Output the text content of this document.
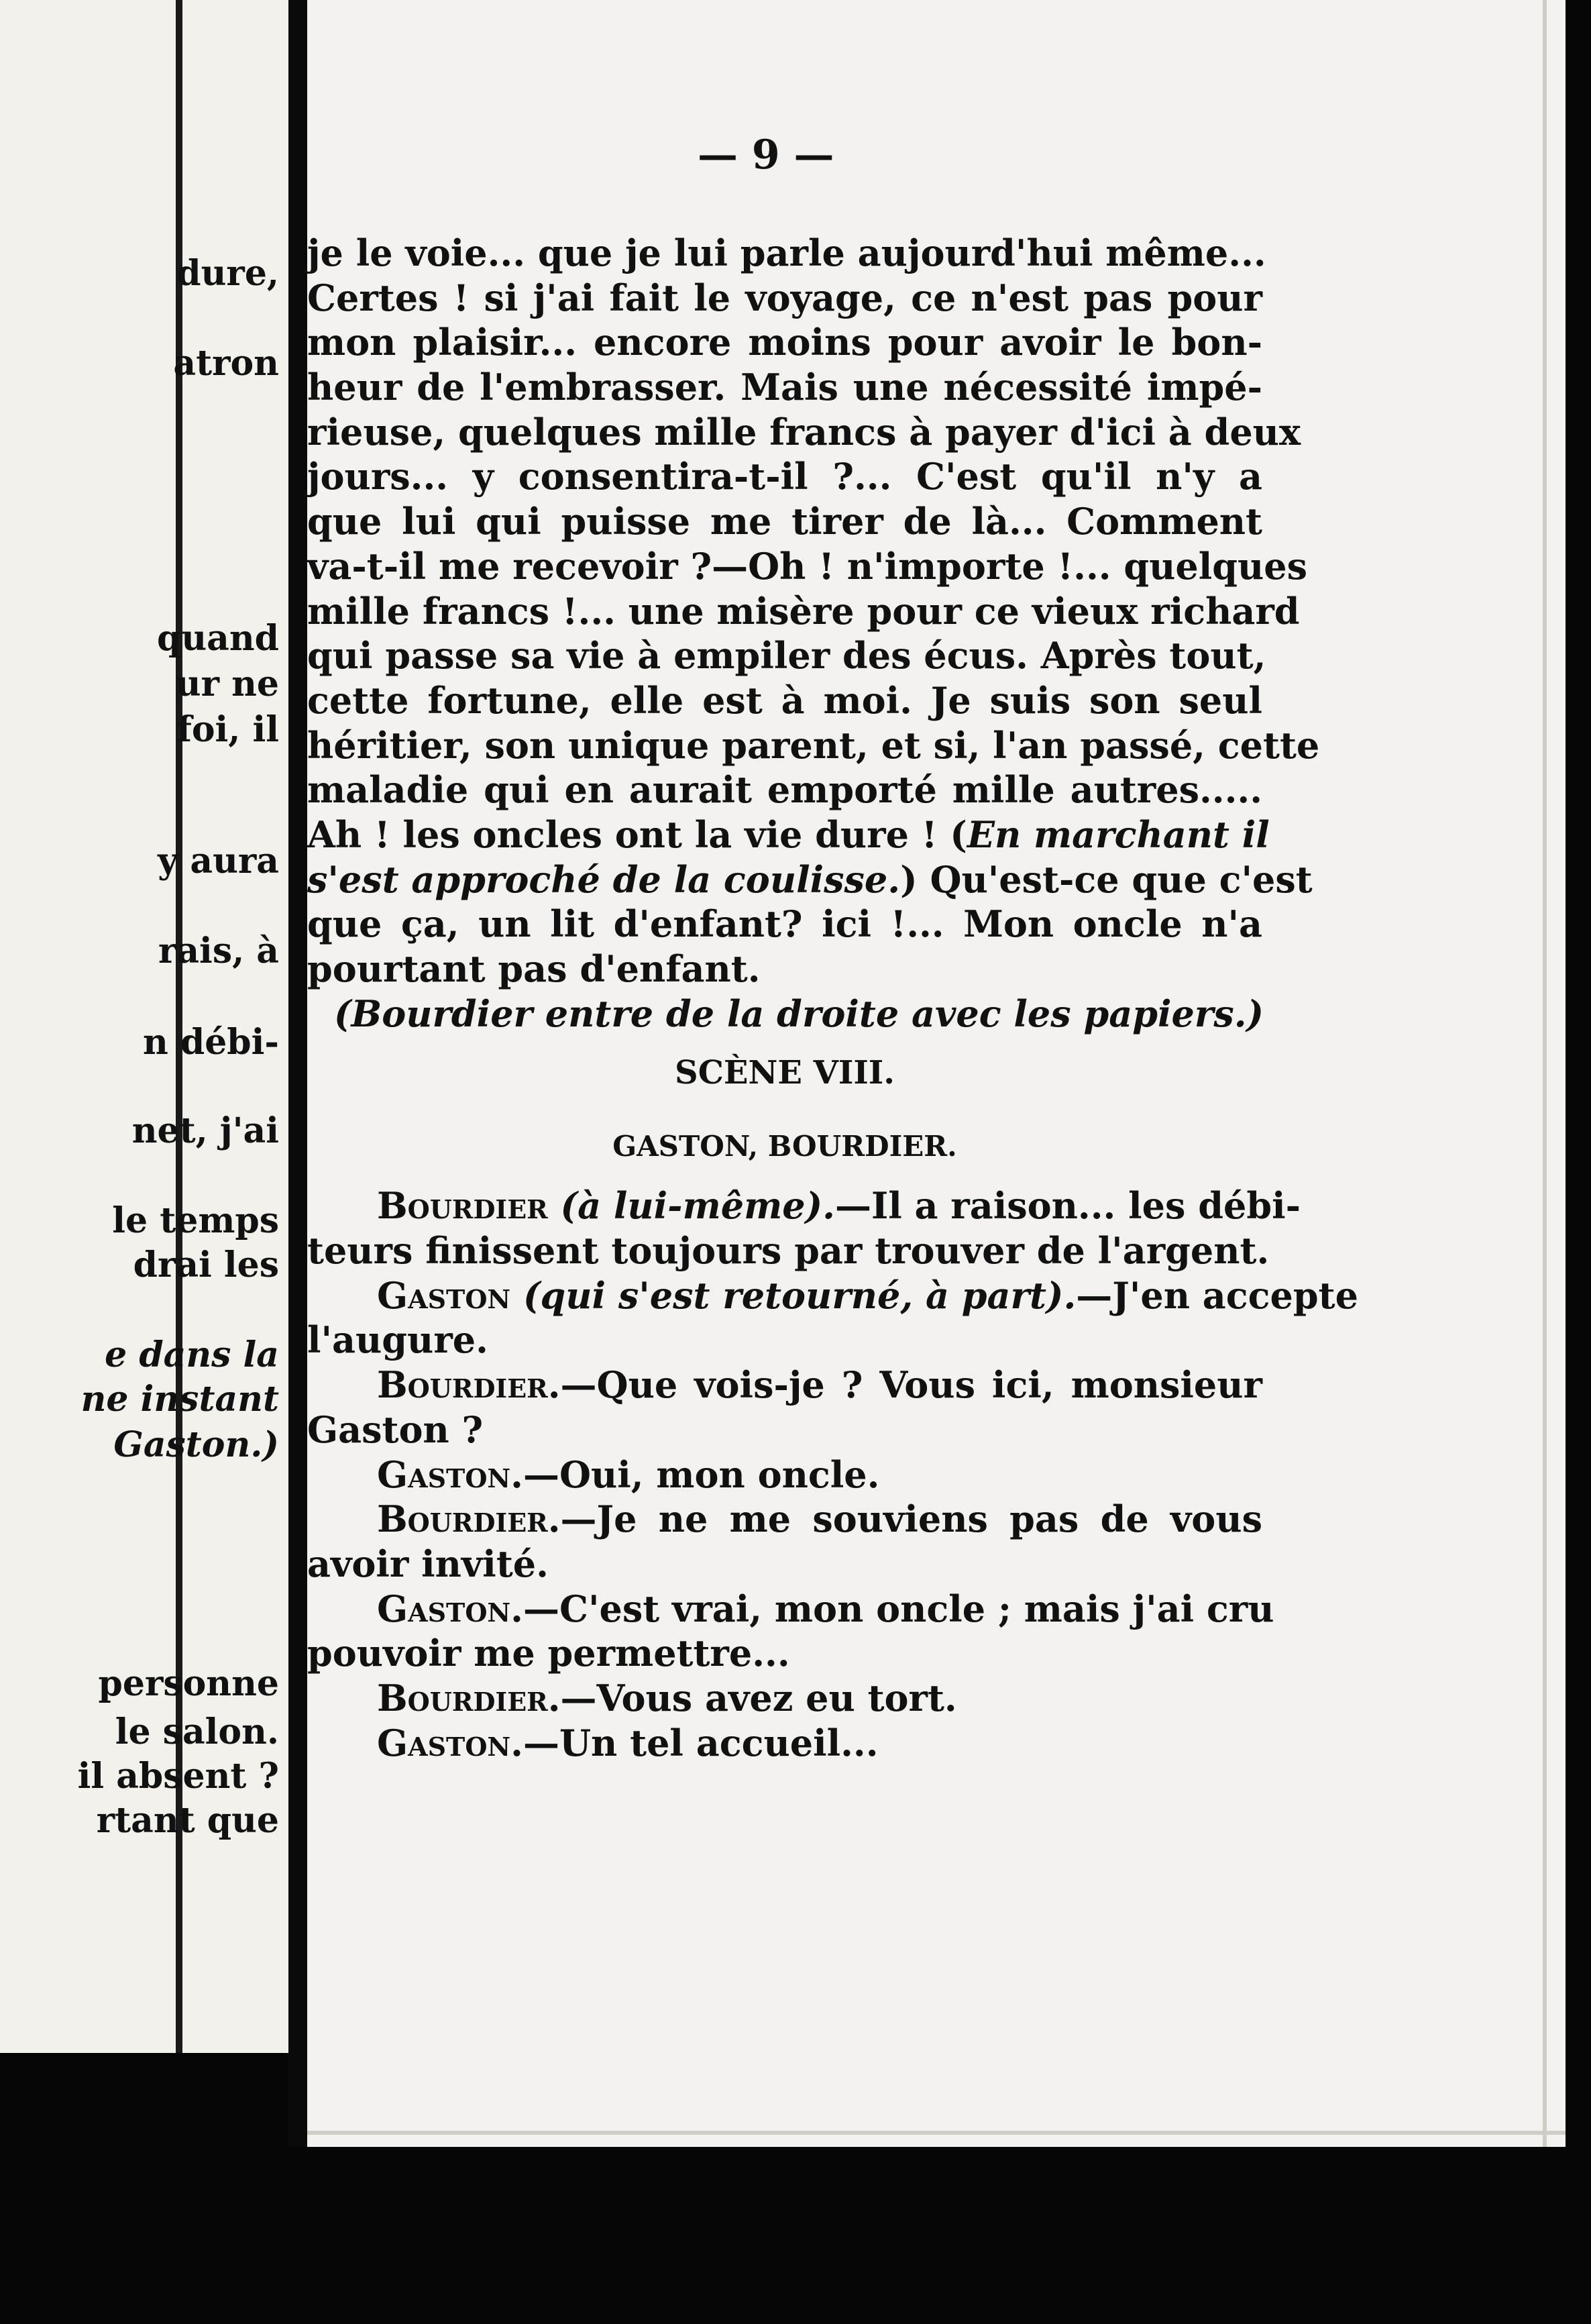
dure,
atron
quand
ur ne
foi, il
y aura
rais, à
n débi-
net, j'ai
le temps
drai les
e dans la
ne instant
Gaston.)
personne
le salon.
il absent ?
rtant que
— 9 —
je le voie... que je lui parle aujourd'hui même...
Certes ! si j'ai fait le voyage, ce n'est pas pour
mon plaisir... encore moins pour avoir le bon-
heur de l'embrasser. Mais une nécessité impé-
rieuse, quelques mille francs à payer d'ici à deux
jours... y consentira-t-il ?... C'est qu'il n'y a
que lui qui puisse me tirer de là... Comment
va-t-il me recevoir ?—Oh ! n'importe !... quelques
mille francs !... une misère pour ce vieux richard
qui passe sa vie à empiler des écus. Après tout,
cette fortune, elle est à moi. Je suis son seul
héritier, son unique parent, et si, l'an passé, cette
maladie qui en aurait emporté mille autres.....
Ah ! les oncles ont la vie dure ! (En marchant il
s'est approché de la coulisse.) Qu'est-ce que c'est
que ça, un lit d'enfant? ici !... Mon oncle n'a
pourtant pas d'enfant.
(Bourdier entre de la droite avec les papiers.)
SCÈNE VIII.
GASTON, BOURDIER.
Bourdier (à lui-même).—Il a raison... les débi-
teurs finissent toujours par trouver de l'argent.
Gaston (qui s'est retourné, à part).—J'en accepte
l'augure.
Bourdier.—Que vois-je ? Vous ici, monsieur
Gaston ?
Gaston.—Oui, mon oncle.
Bourdier.—Je ne me souviens pas de vous
avoir invité.
Gaston.—C'est vrai, mon oncle ; mais j'ai cru
pouvoir me permettre...
Bourdier.—Vous avez eu tort.
Gaston.—Un tel accueil...
